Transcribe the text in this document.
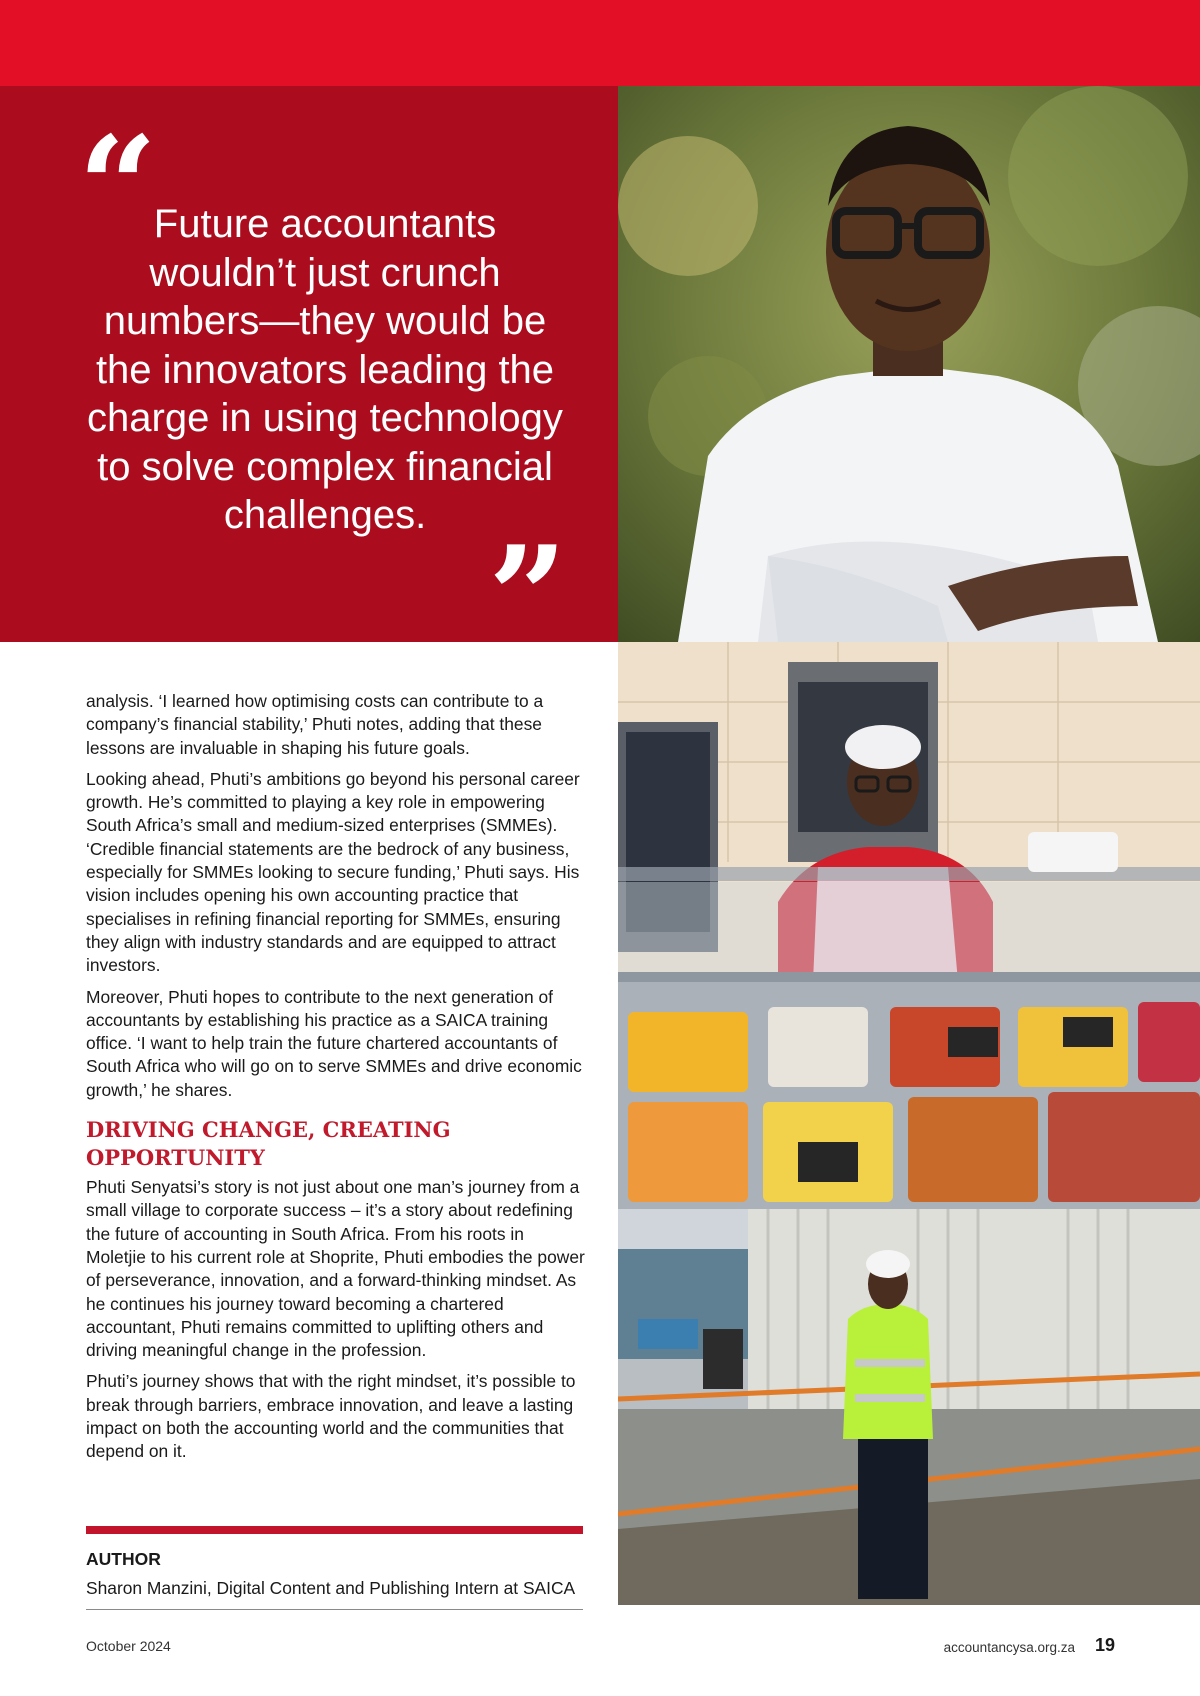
“
Future accountants wouldn’t just crunch numbers—they would be the innovators leading the charge in using technology to solve complex financial challenges. ”

analysis. ‘I learned how optimising costs can contribute to a company’s financial stability,’ Phuti notes, adding that these lessons are invaluable in shaping his future goals.

Looking ahead, Phuti’s ambitions go beyond his personal career growth. He’s committed to playing a key role in empowering South Africa’s small and medium-sized enterprises (SMMEs). ‘Credible financial statements are the bedrock of any business, especially for SMMEs looking to secure funding,’ Phuti says. His vision includes opening his own accounting practice that specialises in refining financial reporting for SMMEs, ensuring they align with industry standards and are equipped to attract investors.

Moreover, Phuti hopes to contribute to the next generation of accountants by establishing his practice as a SAICA training office. ‘I want to help train the future chartered accountants of South Africa who will go on to serve SMMEs and drive economic growth,’ he shares.

DRIVING CHANGE, CREATING OPPORTUNITY

Phuti Senyatsi’s story is not just about one man’s journey from a small village to corporate success – it’s a story about redefining the future of accounting in South Africa. From his roots in Moletjie to his current role at Shoprite, Phuti embodies the power of perseverance, innovation, and a forward-thinking mindset. As he continues his journey toward becoming a chartered accountant, Phuti remains committed to uplifting others and driving meaningful change in the profession.

Phuti’s journey shows that with the right mindset, it’s possible to break through barriers, embrace innovation, and leave a lasting impact on both the accounting world and the communities that depend on it.

AUTHOR
Sharon Manzini, Digital Content and Publishing Intern at SAICA
October 2024	accountancysa.org.za 19
